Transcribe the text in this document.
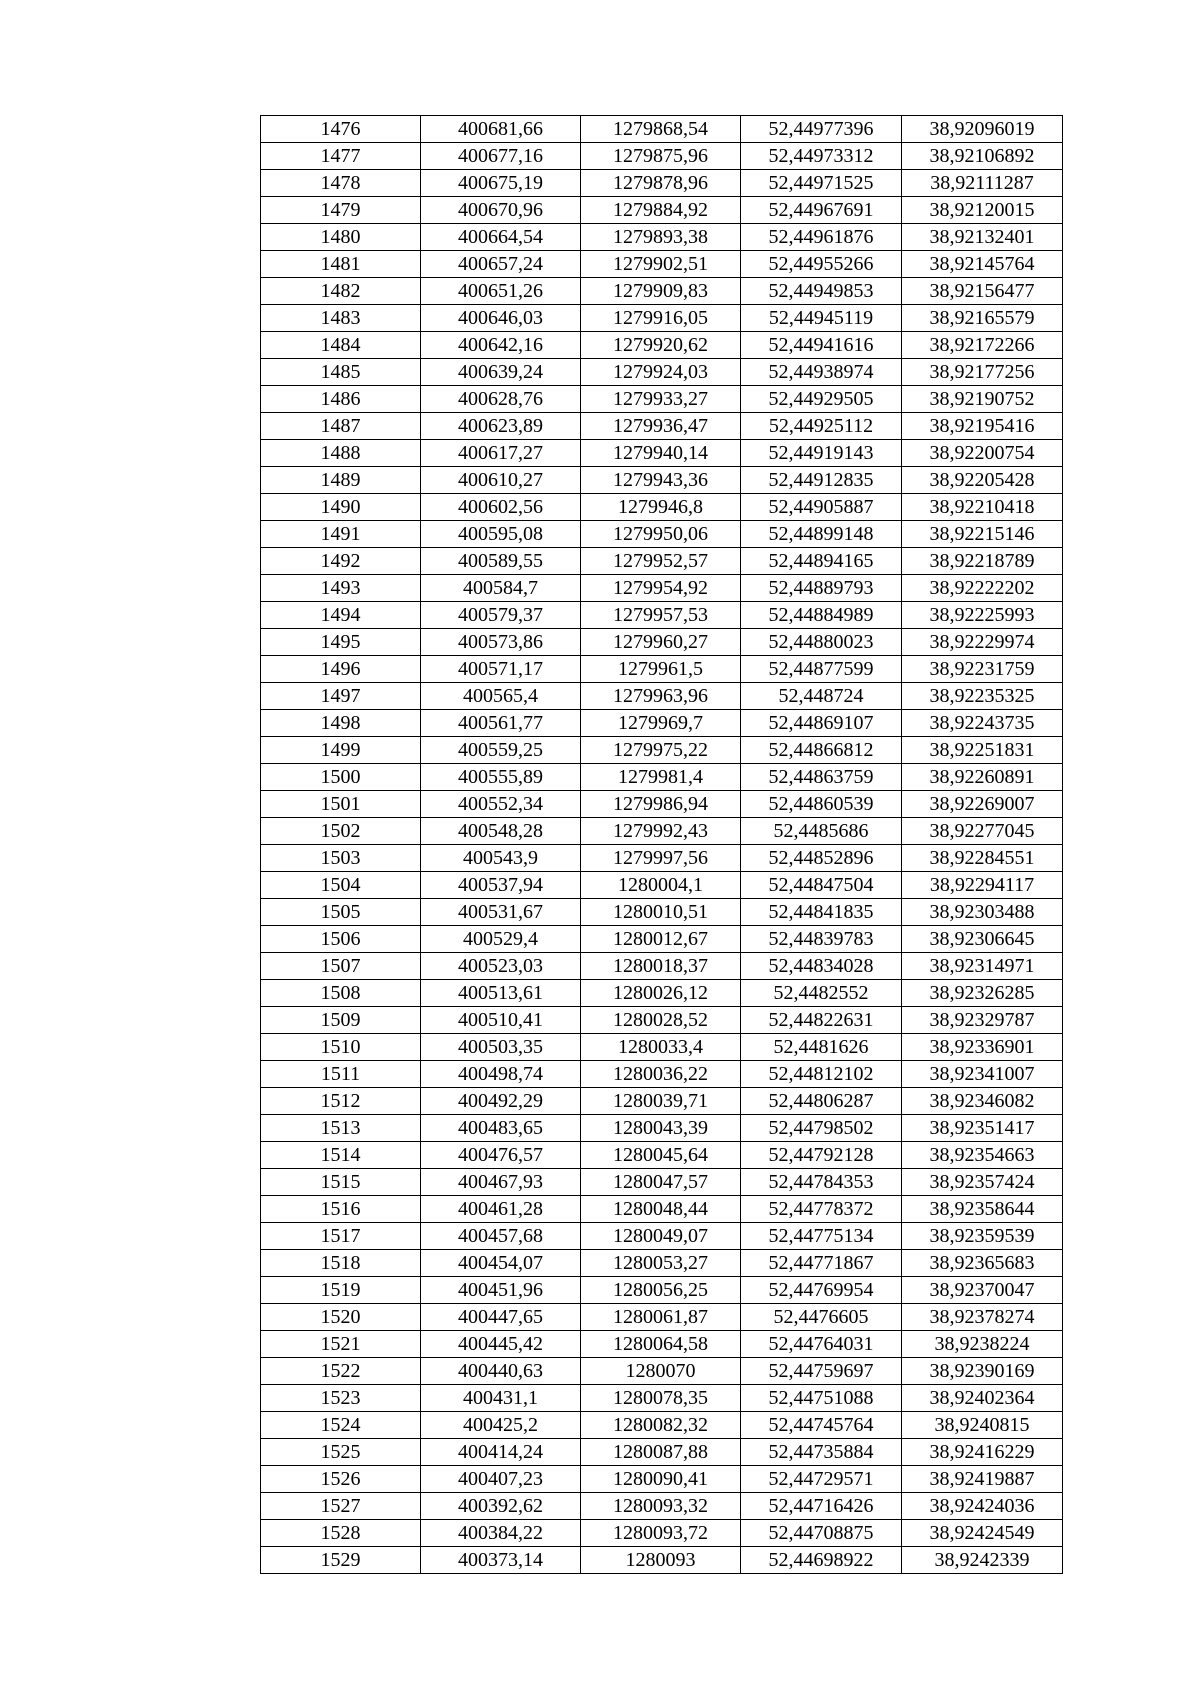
1476	400681,66	1279868,54	52,44977396	38,92096019
1477	400677,16	1279875,96	52,44973312	38,92106892
1478	400675,19	1279878,96	52,44971525	38,92111287
1479	400670,96	1279884,92	52,44967691	38,92120015
1480	400664,54	1279893,38	52,44961876	38,92132401
1481	400657,24	1279902,51	52,44955266	38,92145764
1482	400651,26	1279909,83	52,44949853	38,92156477
1483	400646,03	1279916,05	52,44945119	38,92165579
1484	400642,16	1279920,62	52,44941616	38,92172266
1485	400639,24	1279924,03	52,44938974	38,92177256
1486	400628,76	1279933,27	52,44929505	38,92190752
1487	400623,89	1279936,47	52,44925112	38,92195416
1488	400617,27	1279940,14	52,44919143	38,92200754
1489	400610,27	1279943,36	52,44912835	38,92205428
1490	400602,56	1279946,8	52,44905887	38,92210418
1491	400595,08	1279950,06	52,44899148	38,92215146
1492	400589,55	1279952,57	52,44894165	38,92218789
1493	400584,7	1279954,92	52,44889793	38,92222202
1494	400579,37	1279957,53	52,44884989	38,92225993
1495	400573,86	1279960,27	52,44880023	38,92229974
1496	400571,17	1279961,5	52,44877599	38,92231759
1497	400565,4	1279963,96	52,448724	38,92235325
1498	400561,77	1279969,7	52,44869107	38,92243735
1499	400559,25	1279975,22	52,44866812	38,92251831
1500	400555,89	1279981,4	52,44863759	38,92260891
1501	400552,34	1279986,94	52,44860539	38,92269007
1502	400548,28	1279992,43	52,4485686	38,92277045
1503	400543,9	1279997,56	52,44852896	38,92284551
1504	400537,94	1280004,1	52,44847504	38,92294117
1505	400531,67	1280010,51	52,44841835	38,92303488
1506	400529,4	1280012,67	52,44839783	38,92306645
1507	400523,03	1280018,37	52,44834028	38,92314971
1508	400513,61	1280026,12	52,4482552	38,92326285
1509	400510,41	1280028,52	52,44822631	38,92329787
1510	400503,35	1280033,4	52,4481626	38,92336901
1511	400498,74	1280036,22	52,44812102	38,92341007
1512	400492,29	1280039,71	52,44806287	38,92346082
1513	400483,65	1280043,39	52,44798502	38,92351417
1514	400476,57	1280045,64	52,44792128	38,92354663
1515	400467,93	1280047,57	52,44784353	38,92357424
1516	400461,28	1280048,44	52,44778372	38,92358644
1517	400457,68	1280049,07	52,44775134	38,92359539
1518	400454,07	1280053,27	52,44771867	38,92365683
1519	400451,96	1280056,25	52,44769954	38,92370047
1520	400447,65	1280061,87	52,4476605	38,92378274
1521	400445,42	1280064,58	52,44764031	38,9238224
1522	400440,63	1280070	52,44759697	38,92390169
1523	400431,1	1280078,35	52,44751088	38,92402364
1524	400425,2	1280082,32	52,44745764	38,9240815
1525	400414,24	1280087,88	52,44735884	38,92416229
1526	400407,23	1280090,41	52,44729571	38,92419887
1527	400392,62	1280093,32	52,44716426	38,92424036
1528	400384,22	1280093,72	52,44708875	38,92424549
1529	400373,14	1280093	52,44698922	38,9242339
